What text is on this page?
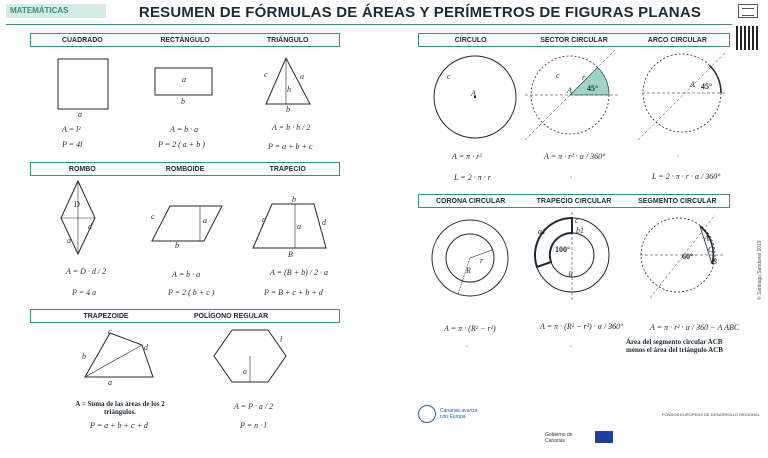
MATEMÁTICAS	RESUMEN DE FÓRMULAS DE ÁREAS Y PERÍMETROS DE FIGURAS PLANAS
© Santiago Sandoval 2019
CUADRADO	RECTÁNGULO	TRIÁNGULO
ROMBO	ROMBOIDE	TRAPECIO
TRAPEZOIDE	POLÍGONO REGULAR
CÍRCULO	SECTOR CIRCULAR	ARCO CIRCULAR
CORONA CIRCULAR	TRAPECIO CIRCULAR	SEGMENTO CIRCULAR
a
a
b
c	a
h
b
A = l²
P = 4l
A = b · a
P = 2 ( a + b )
A = b · h / 2
P = a + b + c
D
d
a
c	a
b
b
c
a	d
B
A = D · d / 2
P = 4 a
A = b · a
P = 2 ( b + c )
A = (B + b) / 2 · a
P = B + c + b + d
c
b
d
a
l
a
A = Suma de las áreas de los 2 triángulos.
P = a + b + c + d
A = P · a / 2
P = n · l
c
A
c	r
A 45°	A 45°
A = π · r²
L = 2 · π · r
A = π · r² · α / 360°
·
·
L = 2 · π · r · α / 360°
R
r
a1	b1
100°
c
R
A
C
B
60°
A = π · (R² − r²)
·
A = π · (R² − r²) · α / 360°
·
A = π · r² · α / 360 − A ABC
Área del segmento circular ACB menos el área del triángulo ACB
Canarias avanza con Europa	FONDOS EUROPEOS DE DESARROLLO REGIONAL
Gobierno de Canarias
